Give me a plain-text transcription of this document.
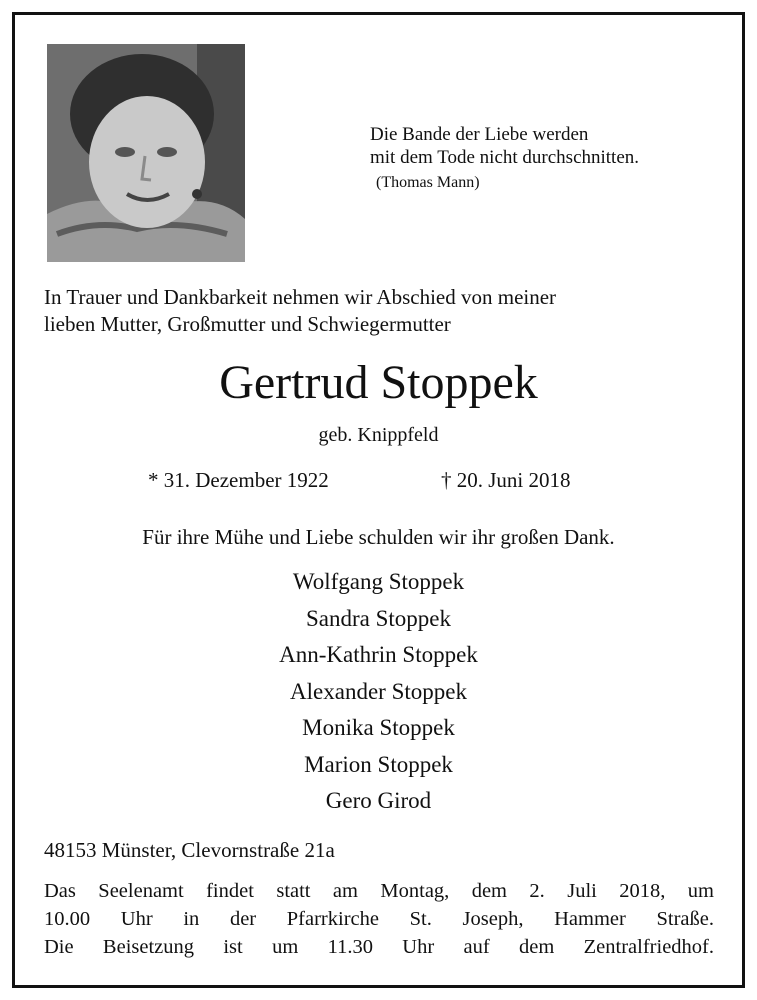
Die Bande der Liebe werden
mit dem Tode nicht durchschnitten.
(Thomas Mann)
In Trauer und Dankbarkeit nehmen wir Abschied von meiner
lieben Mutter, Großmutter und Schwiegermutter
Gertrud Stoppek
geb. Knippfeld
* 31. Dezember 1922	† 20. Juni 2018
Für ihre Mühe und Liebe schulden wir ihr großen Dank.
Wolfgang Stoppek
Sandra Stoppek
Ann-Kathrin Stoppek
Alexander Stoppek
Monika Stoppek
Marion Stoppek
Gero Girod
48153 Münster, Clevornstraße 21a
Das Seelenamt findet statt am Montag, dem 2. Juli 2018, um
10.00 Uhr in der Pfarrkirche St. Joseph, Hammer Straße.
Die Beisetzung ist um 11.30 Uhr auf dem Zentralfriedhof.
